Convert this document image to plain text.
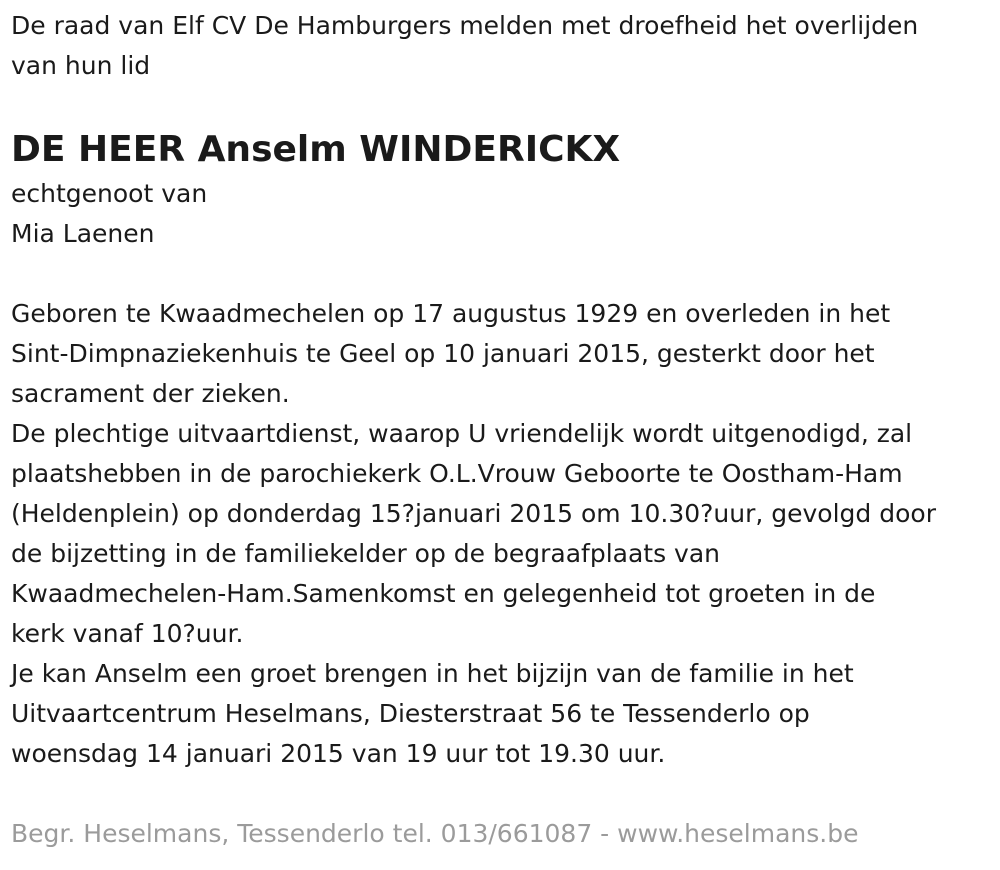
De raad van Elf CV De Hamburgers melden met droefheid het overlijden
van hun lid

DE HEER Anselm WINDERICKX

echtgenoot van
Mia Laenen

Geboren te Kwaadmechelen op 17 augustus 1929 en overleden in het
Sint-Dimpnaziekenhuis te Geel op 10 januari 2015, gesterkt door het
sacrament der zieken.

De plechtige uitvaartdienst, waarop U vriendelijk wordt uitgenodigd, zal
plaatshebben in de parochiekerk O.L.Vrouw Geboorte te Oostham-Ham
(Heldenplein) op donderdag 15?januari 2015 om 10.30?uur, gevolgd door
de bijzetting in de familiekelder op de begraafplaats van
Kwaadmechelen-Ham.Samenkomst en gelegenheid tot groeten in de
kerk vanaf 10?uur.

Je kan Anselm een groet brengen in het bijzijn van de familie in het
Uitvaartcentrum Heselmans, Diesterstraat 56 te Tessenderlo op
woensdag 14 januari 2015 van 19 uur tot 19.30 uur.

Begr. Heselmans, Tessenderlo tel. 013/661087 - www.heselmans.be
